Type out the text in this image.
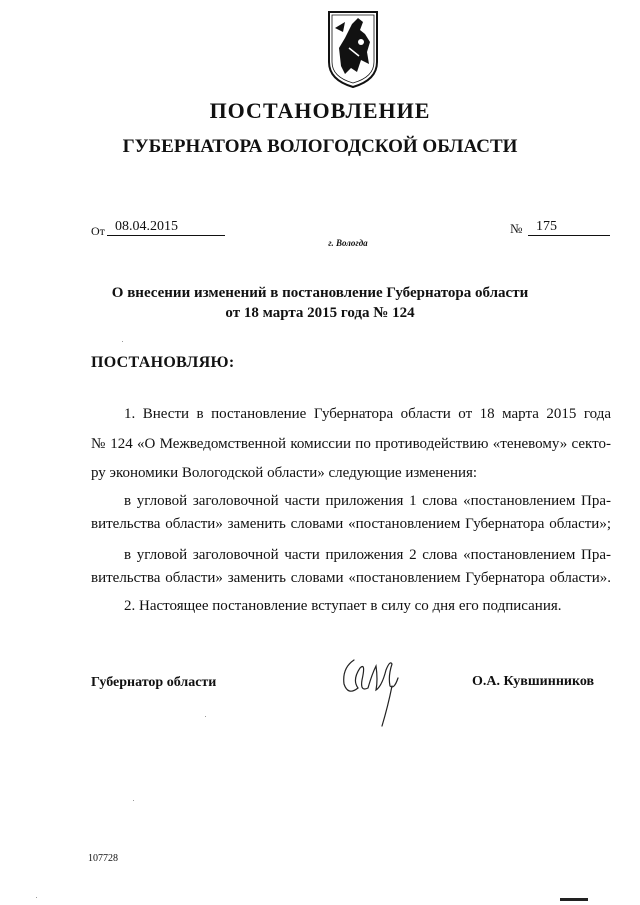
ПОСТАНОВЛЕНИЕ
ГУБЕРНАТОРА ВОЛОГОДСКОЙ ОБЛАСТИ
От 08.04.2015	№ 175
г. Вологда
О внесении изменений в постановление Губернатора области
от 18 марта 2015 года № 124
ПОСТАНОВЛЯЮ:
1. Внести в постановление Губернатора области от 18 марта 2015 года
№ 124 «О Межведомственной комиссии по противодействию «теневому» секто-
ру экономики Вологодской области» следующие изменения:
в угловой заголовочной части приложения 1 слова «постановлением Пра-
вительства области» заменить словами «постановлением Губернатора области»;
в угловой заголовочной части приложения 2 слова «постановлением Пра-
вительства области» заменить словами «постановлением Губернатора области».
2. Настоящее постановление вступает в силу со дня его подписания.
Губернатор области	О.А. Кувшинников
107728
